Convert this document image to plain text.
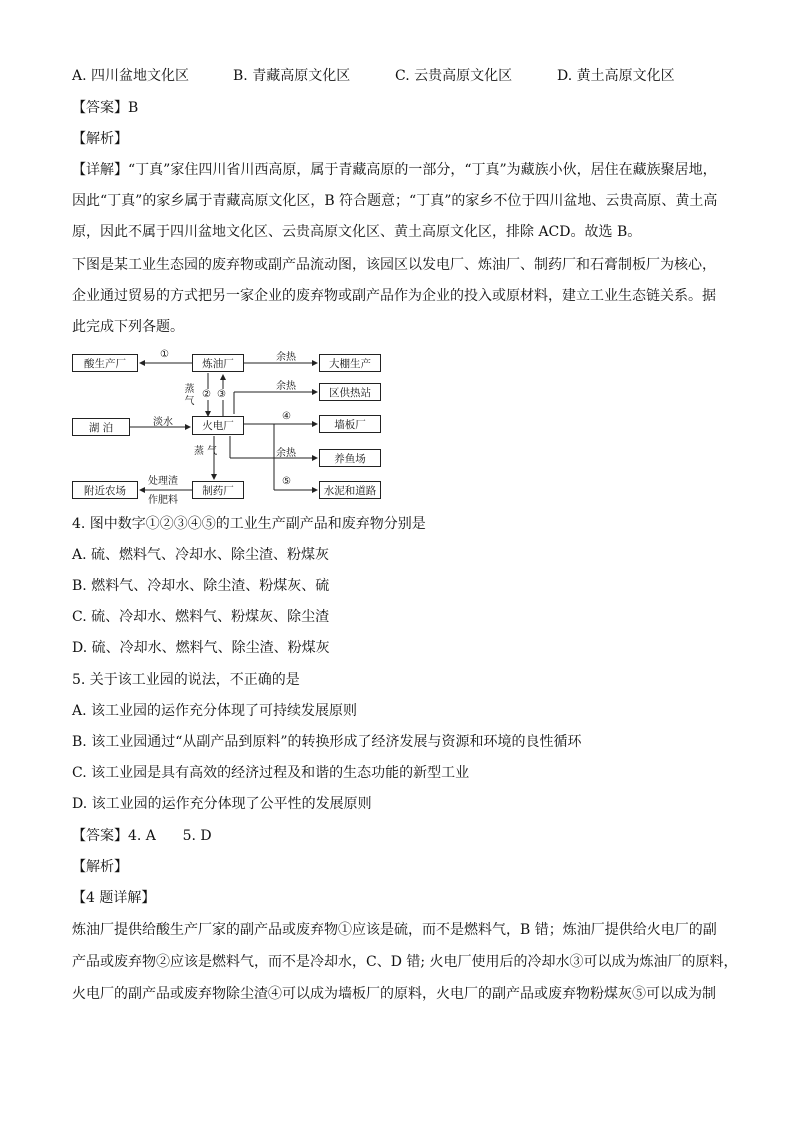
A. 四川盆地文化区	B. 青藏高原文化区	C. 云贵高原文化区	D. 黄土高原文化区
【答案】B
【解析】
【详解】“丁真”家住四川省川西高原，属于青藏高原的一部分，“丁真”为藏族小伙，居住在藏族聚居地，
因此“丁真”的家乡属于青藏高原文化区，B 符合题意；“丁真”的家乡不位于四川盆地、云贵高原、黄土高
原，因此不属于四川盆地文化区、云贵高原文化区、黄土高原文化区，排除 ACD。故选 B。
下图是某工业生态园的废弃物或副产品流动图，该园区以发电厂、炼油厂、制药厂和石膏制板厂为核心，
企业通过贸易的方式把另一家企业的废弃物或副产品作为企业的投入或原材料，建立工业生态链关系。据
此完成下列各题。
酸生产厂	炼油厂	大棚生产
区供热站
湖 泊	火电厂	墙板厂
养鱼场
水泥和道路
附近农场	制药厂
①	余热
余热
蒸气
② ③
淡水
④
蒸 气	余热
⑤
处理渣
作肥料
4. 图中数字①②③④⑤的工业生产副产品和废弃物分别是
A. 硫、燃料气、冷却水、除尘渣、粉煤灰
B. 燃料气、冷却水、除尘渣、粉煤灰、硫
C. 硫、冷却水、燃料气、粉煤灰、除尘渣
D. 硫、冷却水、燃料气、除尘渣、粉煤灰
5. 关于该工业园的说法，不正确的是
A. 该工业园的运作充分体现了可持续发展原则
B. 该工业园通过“从副产品到原料”的转换形成了经济发展与资源和环境的良性循环
C. 该工业园是具有高效的经济过程及和谐的生态功能的新型工业
D. 该工业园的运作充分体现了公平性的发展原则
【答案】4. A      5. D
【解析】
【4 题详解】
炼油厂提供给酸生产厂家的副产品或废弃物①应该是硫，而不是燃料气，B 错；炼油厂提供给火电厂的副
产品或废弃物②应该是燃料气，而不是冷却水，C、D 错; 火电厂使用后的冷却水③可以成为炼油厂的原料，
火电厂的副产品或废弃物除尘渣④可以成为墙板厂的原料，火电厂的副产品或废弃物粉煤灰⑤可以成为制
